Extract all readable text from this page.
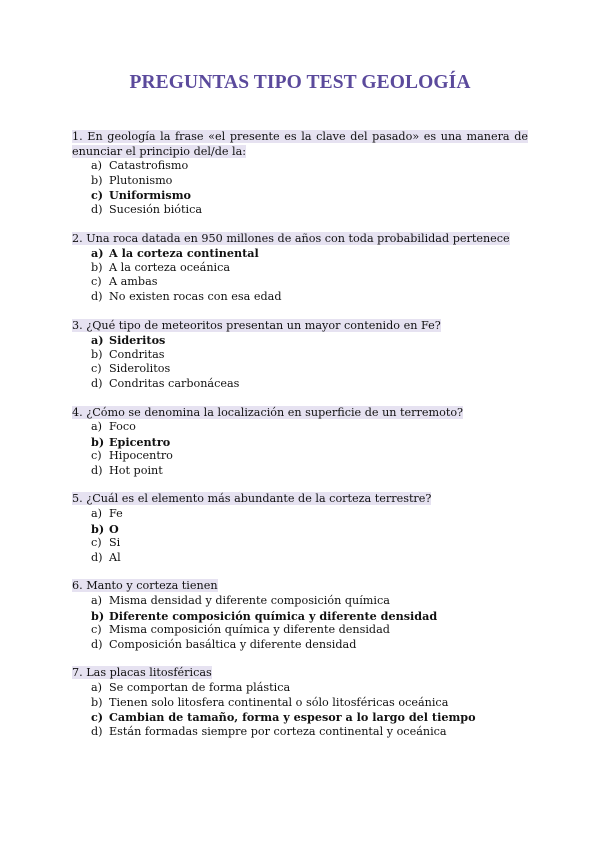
PREGUNTAS TIPO TEST GEOLOGÍA
1. En geología la frase «el presente es la clave del pasado» es una manera de enunciar el principio del/de la:
a) Catastrofismo
b) Plutonismo
c) Uniformismo
d) Sucesión biótica
2. Una roca datada en 950 millones de años con toda probabilidad pertenece
a) A la corteza continental
b) A la corteza oceánica
c) A ambas
d) No existen rocas con esa edad
3. ¿Qué tipo de meteoritos presentan un mayor contenido en Fe?
a) Sideritos
b) Condritas
c) Siderolitos
d) Condritas carbonáceas
4. ¿Cómo se denomina la localización en superficie de un terremoto?
a) Foco
b) Epicentro
c) Hipocentro
d) Hot point
5. ¿Cuál es el elemento más abundante de la corteza terrestre?
a) Fe
b) O
c) Si
d) Al
6. Manto y corteza tienen
a) Misma densidad y diferente composición química
b) Diferente composición química y diferente densidad
c) Misma composición química y diferente densidad
d) Composición basáltica y diferente densidad
7. Las placas litosféricas
a) Se comportan de forma plástica
b) Tienen solo litosfera continental o sólo litosféricas oceánica
c) Cambian de tamaño, forma y espesor a lo largo del tiempo
d) Están formadas siempre por corteza continental y oceánica
